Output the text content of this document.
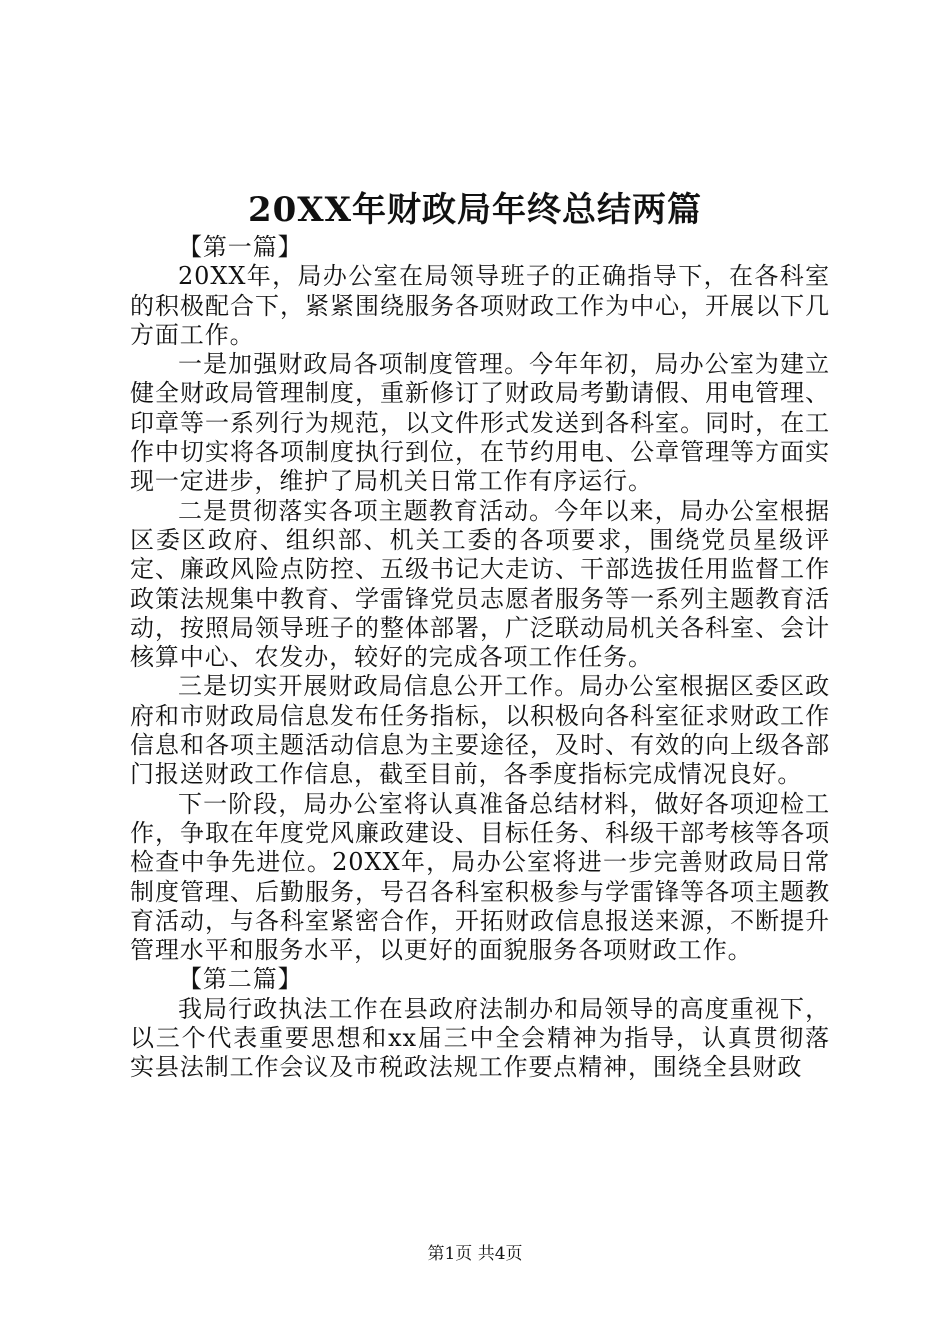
20XX年财政局年终总结两篇

【第一篇】

20XX年，局办公室在局领导班子的正确指导下，在各科室的积极配合下，紧紧围绕服务各项财政工作为中心，开展以下几方面工作。

一是加强财政局各项制度管理。今年年初，局办公室为建立健全财政局管理制度，重新修订了财政局考勤请假、用电管理、印章等一系列行为规范，以文件形式发送到各科室。同时，在工作中切实将各项制度执行到位，在节约用电、公章管理等方面实现一定进步，维护了局机关日常工作有序运行。

二是贯彻落实各项主题教育活动。今年以来，局办公室根据区委区政府、组织部、机关工委的各项要求，围绕党员星级评定、廉政风险点防控、五级书记大走访、干部选拔任用监督工作政策法规集中教育、学雷锋党员志愿者服务等一系列主题教育活动，按照局领导班子的整体部署，广泛联动局机关各科室、会计核算中心、农发办，较好的完成各项工作任务。

三是切实开展财政局信息公开工作。局办公室根据区委区政府和市财政局信息发布任务指标，以积极向各科室征求财政工作信息和各项主题活动信息为主要途径，及时、有效的向上级各部门报送财政工作信息，截至目前，各季度指标完成情况良好。

下一阶段，局办公室将认真准备总结材料，做好各项迎检工作，争取在年度党风廉政建设、目标任务、科级干部考核等各项检查中争先进位。20XX年，局办公室将进一步完善财政局日常制度管理、后勤服务，号召各科室积极参与学雷锋等各项主题教育活动，与各科室紧密合作，开拓财政信息报送来源，不断提升管理水平和服务水平，以更好的面貌服务各项财政工作。

【第二篇】

我局行政执法工作在县政府法制办和局领导的高度重视下，以三个代表重要思想和xx届三中全会精神为指导，认真贯彻落实县法制工作会议及市税政法规工作要点精神，围绕全县财政

第1页 共4页
